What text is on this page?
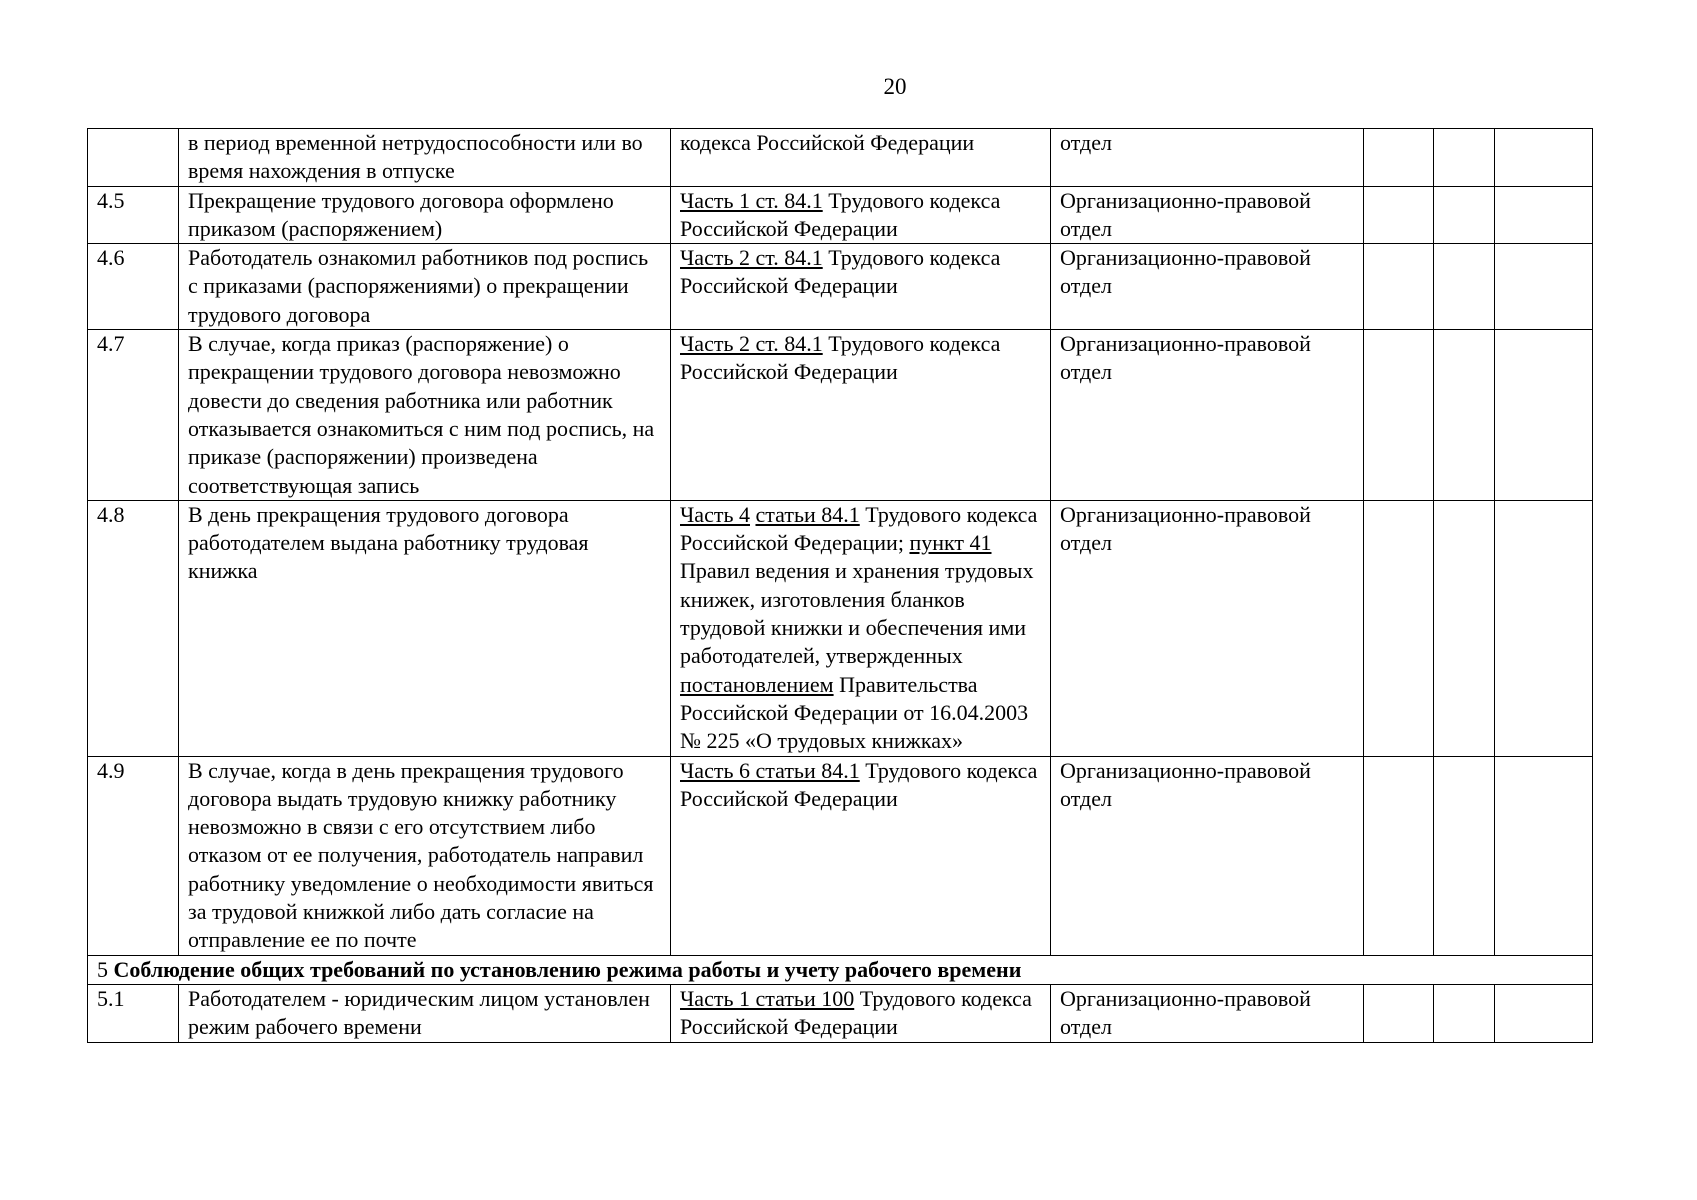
20
	в период временной нетрудоспособности или во время нахождения в отпуске	кодекса Российской Федерации	отдел			
4.5	Прекращение трудового договора оформлено приказом (распоряжением)	Часть 1 ст. 84.1 Трудового кодекса Российской Федерации	Организационно-правовой отдел			
4.6	Работодатель ознакомил работников под роспись с приказами (распоряжениями) о прекращении трудового договора	Часть 2 ст. 84.1 Трудового кодекса Российской Федерации	Организационно-правовой отдел			
4.7	В случае, когда приказ (распоряжение) о прекращении трудового договора невозможно довести до сведения работника или работник отказывается ознакомиться с ним под роспись, на приказе (распоряжении) произведена соответствующая запись	Часть 2 ст. 84.1 Трудового кодекса Российской Федерации	Организационно-правовой отдел			
4.8	В день прекращения трудового договора работодателем выдана работнику трудовая книжка	Часть 4 статьи 84.1 Трудового кодекса Российской Федерации; пункт 41 Правил ведения и хранения трудовых книжек, изготовления бланков трудовой книжки и обеспечения ими работодателей, утвержденных постановлением Правительства Российской Федерации от 16.04.2003 № 225 «О трудовых книжках»	Организационно-правовой отдел			
4.9	В случае, когда в день прекращения трудового договора выдать трудовую книжку работнику невозможно в связи с его отсутствием либо отказом от ее получения, работодатель направил работнику уведомление о необходимости явиться за трудовой книжкой либо дать согласие на отправление ее по почте	Часть 6 статьи 84.1 Трудового кодекса Российской Федерации	Организационно-правовой отдел			
5 Соблюдение общих требований по установлению режима работы и учету рабочего времени						
5.1	Работодателем - юридическим лицом установлен режим рабочего времени	Часть 1 статьи 100 Трудового кодекса Российской Федерации	Организационно-правовой отдел			
